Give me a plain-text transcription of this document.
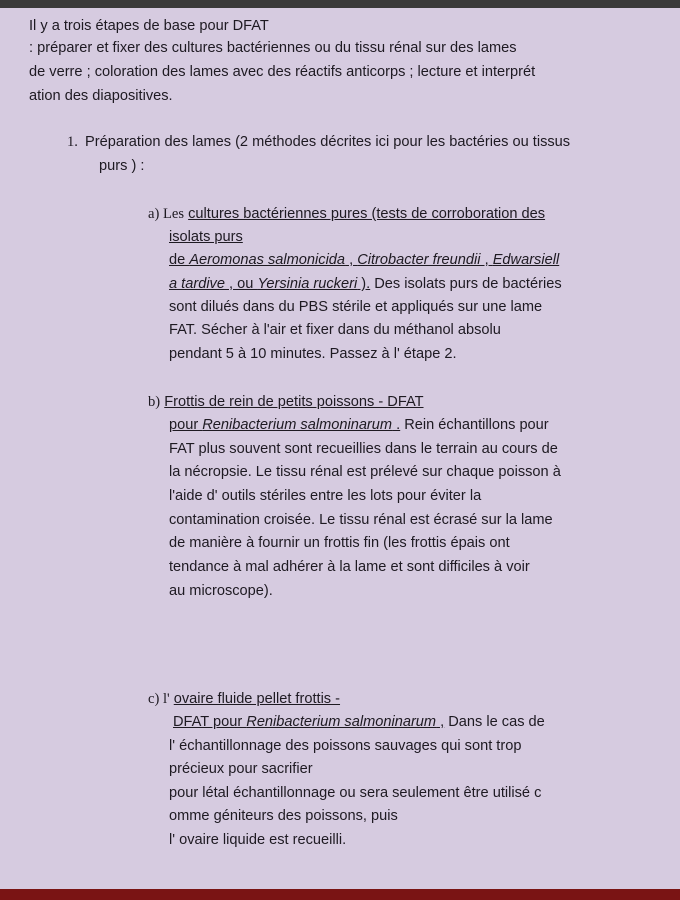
Il y a trois étapes de base pour DFAT
: préparer et fixer des cultures bactériennes ou du tissu rénal sur des lames
de verre ; coloration des lames avec des réactifs anticorps ; lecture et interprét
ation des diapositives.
1. Préparation des lames (2 méthodes décrites ici pour les bactéries ou tissus
purs ) :
a) Les cultures bactériennes pures (tests de corroboration des
isolats purs
de Aeromonas salmonicida , Citrobacter freundii , Edwarsiell
a tardive , ou Yersinia ruckeri ). Des isolats purs de bactéries
sont dilués dans du PBS stérile et appliqués sur une lame
FAT. Sécher à l'air et fixer dans du méthanol absolu
pendant 5 à 10 minutes. Passez à l' étape 2.
b) Frottis de rein de petits poissons - DFAT
pour Renibacterium salmoninarum . Rein échantillons pour
FAT plus souvent sont recueillies dans le terrain au cours de
la nécropsie. Le tissu rénal est prélevé sur chaque poisson à
l'aide d' outils stériles entre les lots pour éviter la
contamination croisée. Le tissu rénal est écrasé sur la lame
de manière à fournir un frottis fin (les frottis épais ont
tendance à mal adhérer à la lame et sont difficiles à voir
au microscope).
c) l' ovaire fluide pellet frottis -
DFAT pour Renibacterium salmoninarum , Dans le cas de
l' échantillonnage des poissons sauvages qui sont trop
précieux pour sacrifier
pour létal échantillonnage ou sera seulement être utilisé c
omme géniteurs des poissons, puis
l' ovaire liquide est recueilli.
